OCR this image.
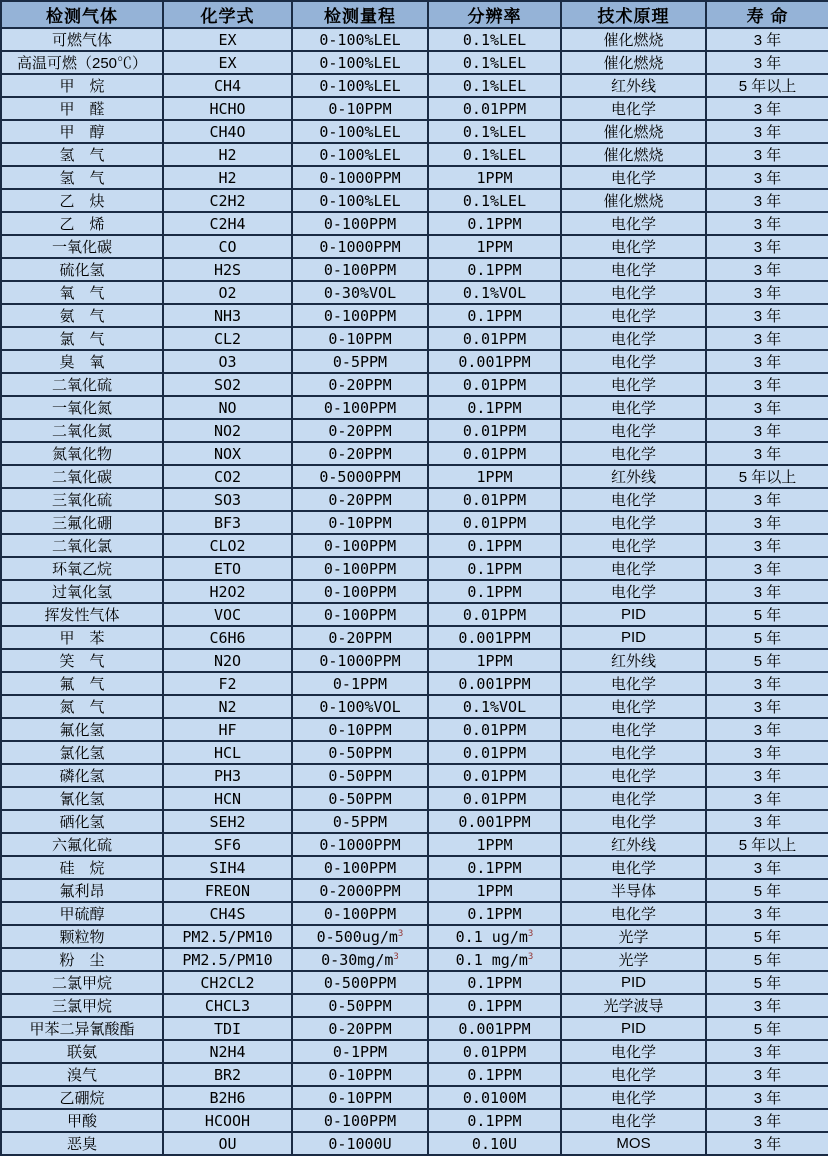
检测气体	化学式	检测量程	分辨率	技术原理	寿 命
可燃气体	EX	0-100%LEL	0.1%LEL	催化燃烧	3 年
高温可燃（250℃）	EX	0-100%LEL	0.1%LEL	催化燃烧	3 年
甲　烷	CH4	0-100%LEL	0.1%LEL	红外线	5 年以上
甲　醛	HCHO	0-10PPM	0.01PPM	电化学	3 年
甲　醇	CH4O	0-100%LEL	0.1%LEL	催化燃烧	3 年
氢　气	H2	0-100%LEL	0.1%LEL	催化燃烧	3 年
氢　气	H2	0-1000PPM	1PPM	电化学	3 年
乙　炔	C2H2	0-100%LEL	0.1%LEL	催化燃烧	3 年
乙　烯	C2H4	0-100PPM	0.1PPM	电化学	3 年
一氧化碳	CO	0-1000PPM	1PPM	电化学	3 年
硫化氢	H2S	0-100PPM	0.1PPM	电化学	3 年
氧　气	O2	0-30%VOL	0.1%VOL	电化学	3 年
氨　气	NH3	0-100PPM	0.1PPM	电化学	3 年
氯　气	CL2	0-10PPM	0.01PPM	电化学	3 年
臭　氧	O3	0-5PPM	0.001PPM	电化学	3 年
二氧化硫	SO2	0-20PPM	0.01PPM	电化学	3 年
一氧化氮	NO	0-100PPM	0.1PPM	电化学	3 年
二氧化氮	NO2	0-20PPM	0.01PPM	电化学	3 年
氮氧化物	NOX	0-20PPM	0.01PPM	电化学	3 年
二氧化碳	CO2	0-5000PPM	1PPM	红外线	5 年以上
三氧化硫	SO3	0-20PPM	0.01PPM	电化学	3 年
三氟化硼	BF3	0-10PPM	0.01PPM	电化学	3 年
二氧化氯	CLO2	0-100PPM	0.1PPM	电化学	3 年
环氧乙烷	ETO	0-100PPM	0.1PPM	电化学	3 年
过氧化氢	H2O2	0-100PPM	0.1PPM	电化学	3 年
挥发性气体	VOC	0-100PPM	0.01PPM	PID	5 年
甲　苯	C6H6	0-20PPM	0.001PPM	PID	5 年
笑　气	N2O	0-1000PPM	1PPM	红外线	5 年
氟　气	F2	0-1PPM	0.001PPM	电化学	3 年
氮　气	N2	0-100%VOL	0.1%VOL	电化学	3 年
氟化氢	HF	0-10PPM	0.01PPM	电化学	3 年
氯化氢	HCL	0-50PPM	0.01PPM	电化学	3 年
磷化氢	PH3	0-50PPM	0.01PPM	电化学	3 年
氰化氢	HCN	0-50PPM	0.01PPM	电化学	3 年
硒化氢	SEH2	0-5PPM	0.001PPM	电化学	3 年
六氟化硫	SF6	0-1000PPM	1PPM	红外线	5 年以上
硅　烷	SIH4	0-100PPM	0.1PPM	电化学	3 年
氟利昂	FREON	0-2000PPM	1PPM	半导体	5 年
甲硫醇	CH4S	0-100PPM	0.1PPM	电化学	3 年
颗粒物	PM2.5/PM10	$0-500ug/m^3$	0.1 $ug/m^3$	光学	5 年
粉　尘	PM2.5/PM10	$0-30mg/m^3$	0.1 $mg/m^3$	光学	5 年
二氯甲烷	CH2CL2	0-500PPM	0.1PPM	PID	5 年
三氯甲烷	CHCL3	0-50PPM	0.1PPM	光学波导	3 年
甲苯二异氰酸酯	TDI	0-20PPM	0.001PPM	PID	5 年
联氨	N2H4	0-1PPM	0.01PPM	电化学	3 年
溴气	BR2	0-10PPM	0.1PPM	电化学	3 年
乙硼烷	B2H6	0-10PPM	0.0100M	电化学	3 年
甲酸	HCOOH	0-100PPM	0.1PPM	电化学	3 年
恶臭	OU	0-1000U	0.10U	MOS	3 年
